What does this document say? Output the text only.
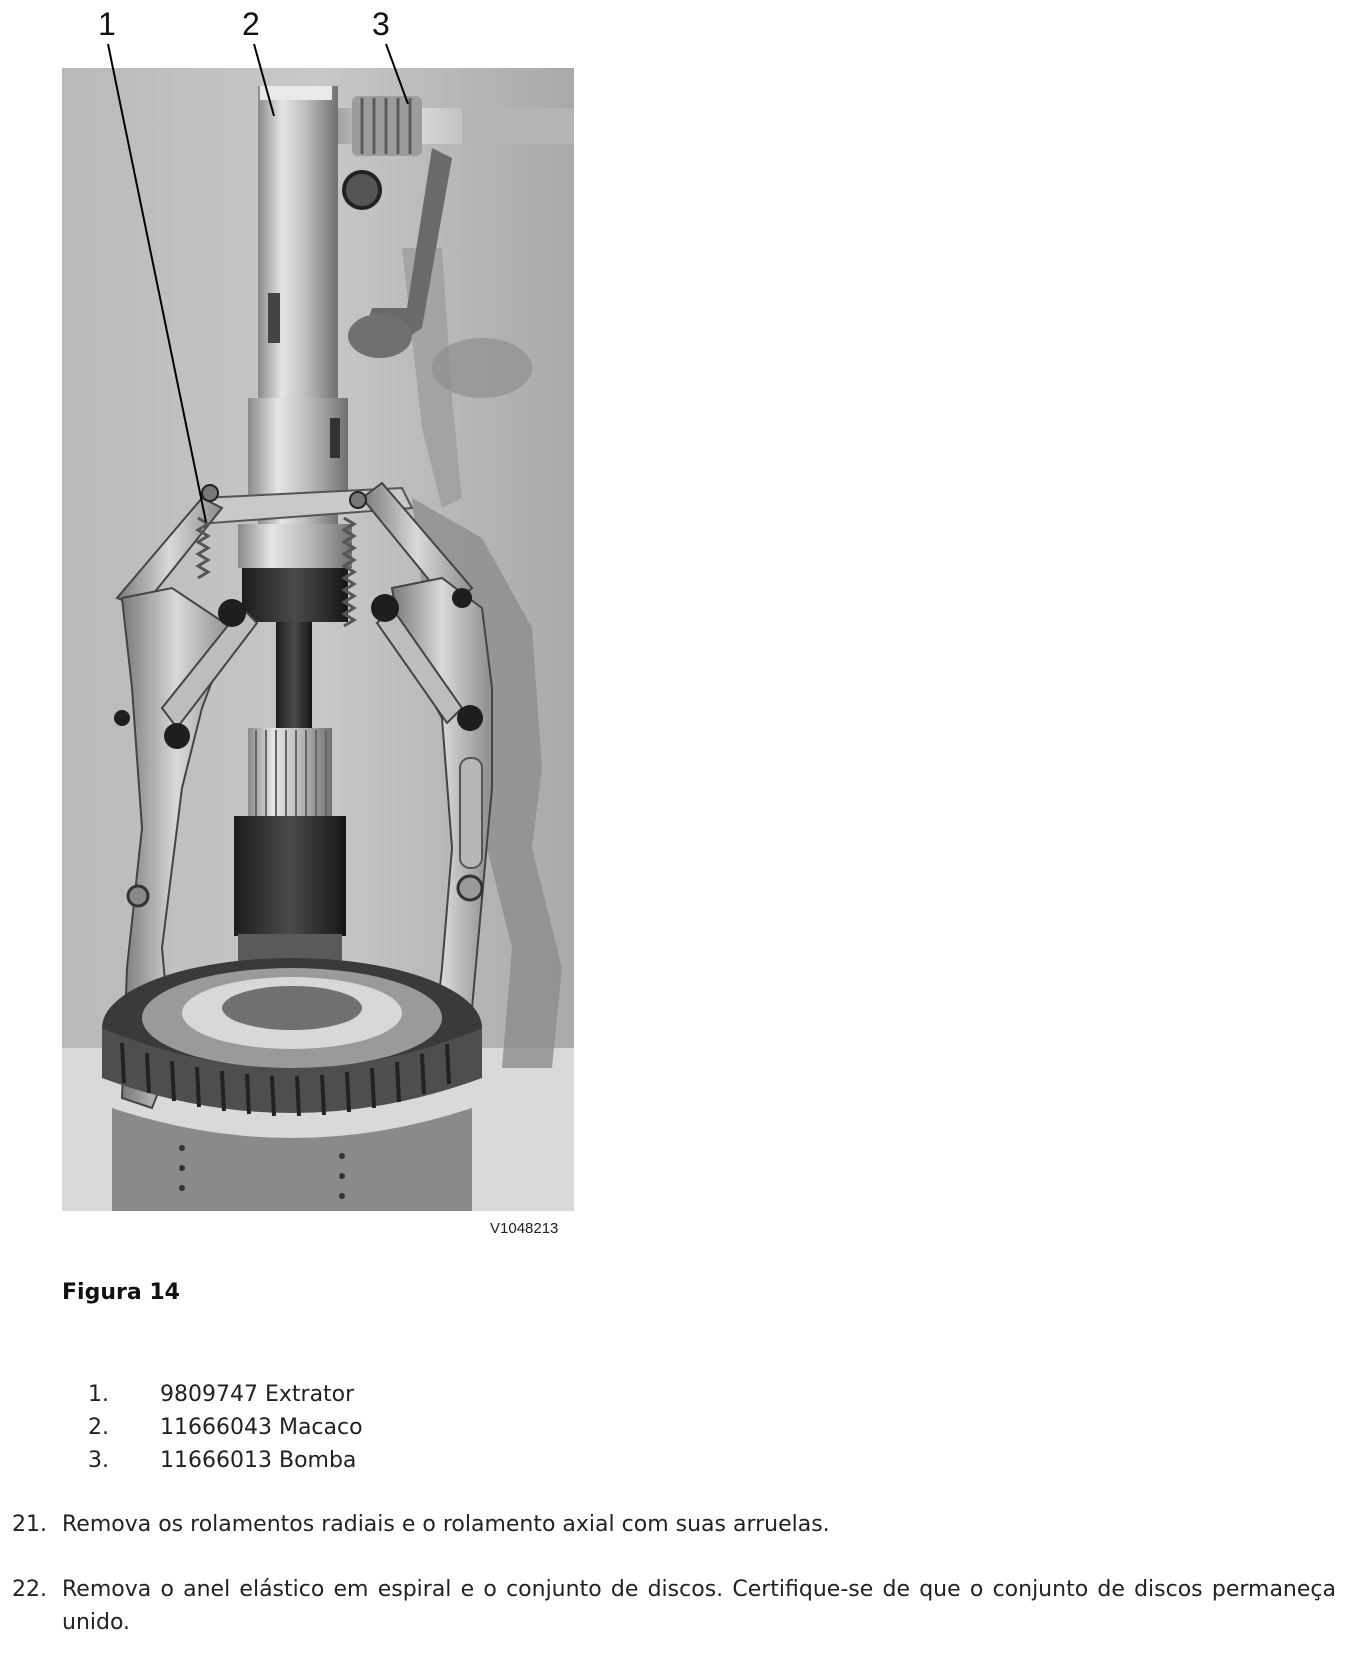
1	2	3
V1048213
Figura 14
1.	9809747 Extrator
2.	11666043 Macaco
3.	11666013 Bomba
21. Remova os rolamentos radiais e o rolamento axial com suas arruelas.
22. Remova o anel elástico em espiral e o conjunto de discos. Certifique-se de que o conjunto de discos permaneça unido.
